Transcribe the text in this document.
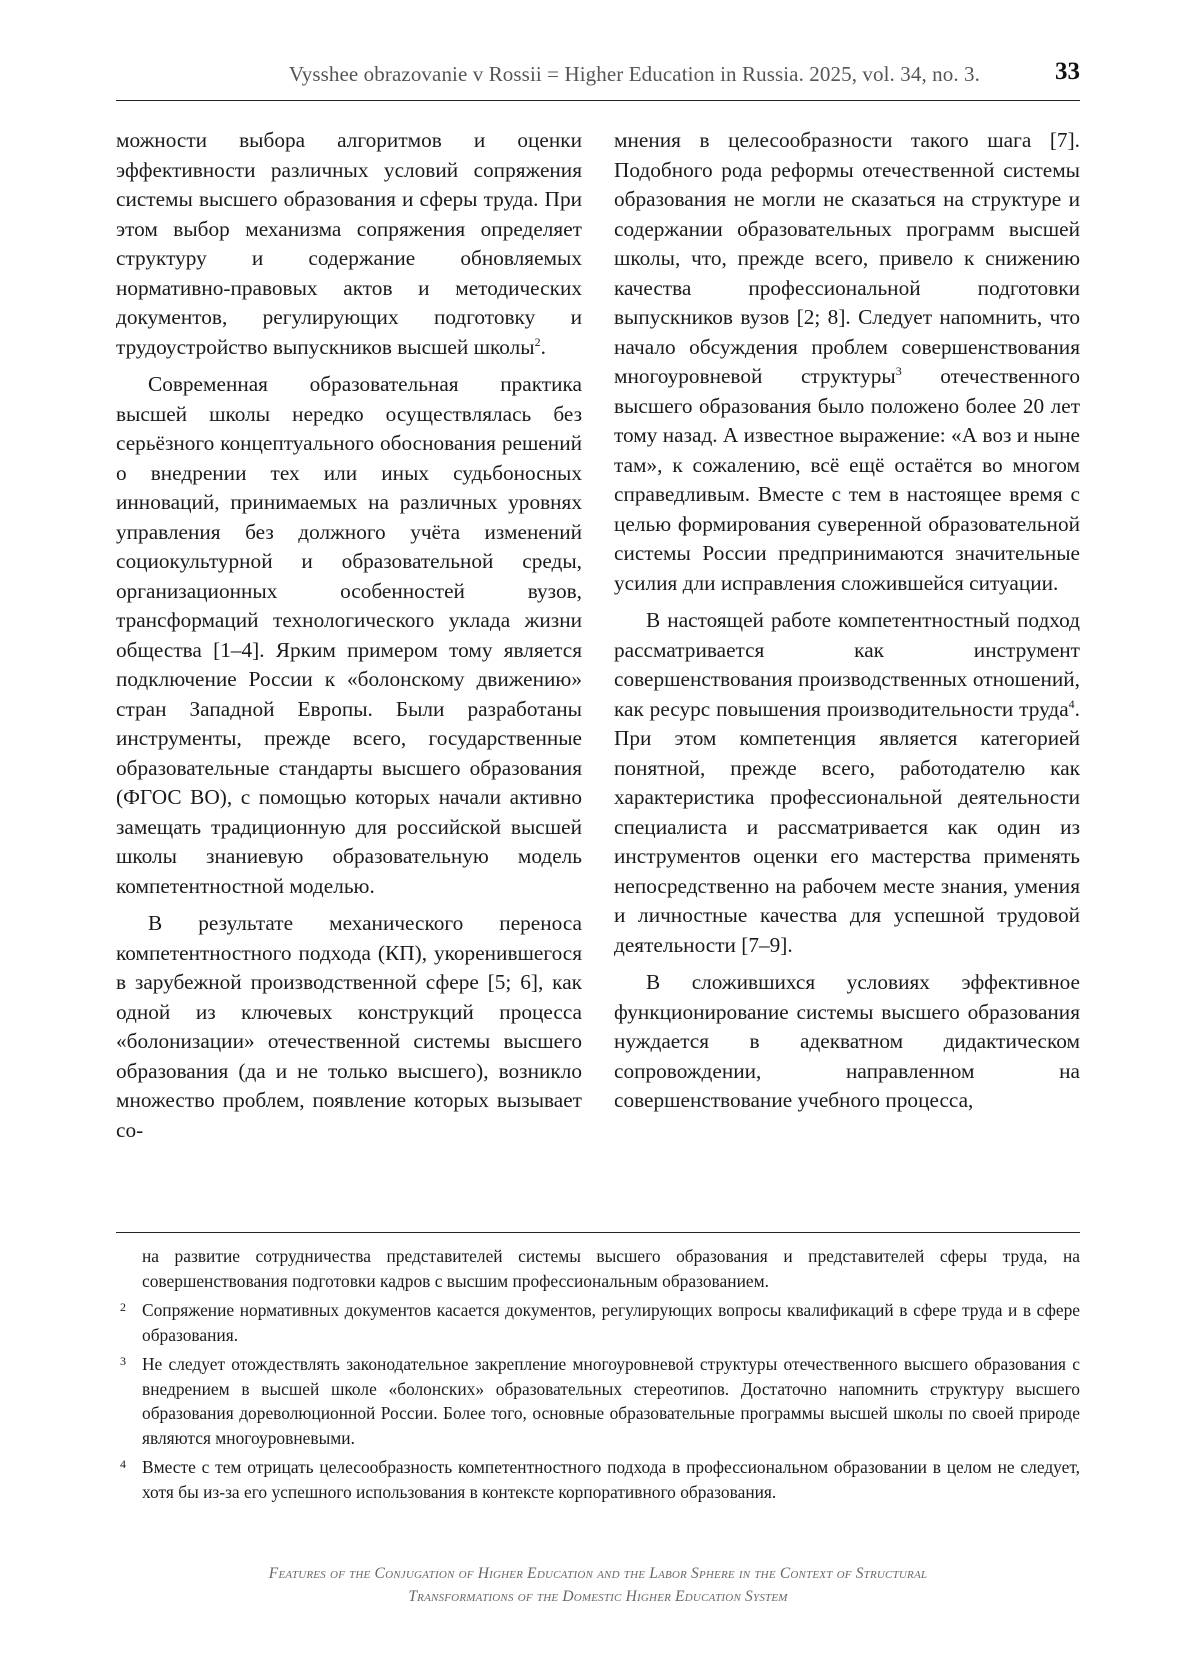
Vysshee obrazovanie v Rossii = Higher Education in Russia. 2025, vol. 34, no. 3.	33

можности выбора алгоритмов и оценки эффективности различных условий сопряжения системы высшего образования и сферы труда. При этом выбор механизма сопряжения определяет структуру и содержание обновляемых нормативно-правовых актов и методических документов, регулирующих подготовку и трудоустройство выпускников высшей школы$^2$.

Современная образовательная практика высшей школы нередко осуществлялась без серьёзного концептуального обоснования решений о внедрении тех или иных судьбоносных инноваций, принимаемых на различных уровнях управления без должного учёта изменений социокультурной и образовательной среды, организационных особенностей вузов, трансформаций технологического уклада жизни общества [1–4]. Ярким примером тому является подключение России к «болонскому движению» стран Западной Европы. Были разработаны инструменты, прежде всего, государственные образовательные стандарты высшего образования (ФГОС ВО), с помощью которых начали активно замещать традиционную для российской высшей школы знаниевую образовательную модель компетентностной моделью.

В результате механического переноса компетентностного подхода (КП), укоренившегося в зарубежной производственной сфере [5; 6], как одной из ключевых конструкций процесса «болонизации» отечественной системы высшего образования (да и не только высшего), возникло множество проблем, появление которых вызывает со-

мнения в целесообразности такого шага [7]. Подобного рода реформы отечественной системы образования не могли не сказаться на структуре и содержании образовательных программ высшей школы, что, прежде всего, привело к снижению качества профессиональной подготовки выпускников вузов [2; 8]. Следует напомнить, что начало обсуждения проблем совершенствования многоуровневой структуры$^3$ отечественного высшего образования было положено более 20 лет тому назад. А известное выражение: «А воз и ныне там», к сожалению, всё ещё остаётся во многом справедливым. Вместе с тем в настоящее время с целью формирования суверенной образовательной системы России предпринимаются значительные усилия дли исправления сложившейся ситуации.

В настоящей работе компетентностный подход рассматривается как инструмент совершенствования производственных отношений, как ресурс повышения производительности труда$^4$. При этом компетенция является категорией понятной, прежде всего, работодателю как характеристика профессиональной деятельности специалиста и рассматривается как один из инструментов оценки его мастерства применять непосредственно на рабочем месте знания, умения и личностные качества для успешной трудовой деятельности [7–9].

В сложившихся условиях эффективное функционирование системы высшего образования нуждается в адекватном дидактическом сопровождении, направленном на совершенствование учебного процесса,

на развитие сотрудничества представителей системы высшего образования и представителей сферы труда, на совершенствования подготовки кадров с высшим профессиональным образованием.
2 Сопряжение нормативных документов касается документов, регулирующих вопросы квалификаций в сфере труда и в сфере образования.
3 Не следует отождествлять законодательное закрепление многоуровневой структуры отечественного высшего образования с внедрением в высшей школе «болонских» образовательных стереотипов. Достаточно напомнить структуру высшего образования дореволюционной России. Более того, основные образовательные программы высшей школы по своей природе являются многоуровневыми.
4 Вместе с тем отрицать целесообразность компетентностного подхода в профессиональном образовании в целом не следует, хотя бы из-за его успешного использования в контексте корпоративного образования.
Features of the Conjugation of Higher Education and the Labor Sphere in the Context of Structural
Transformations of the Domestic Higher Education System
